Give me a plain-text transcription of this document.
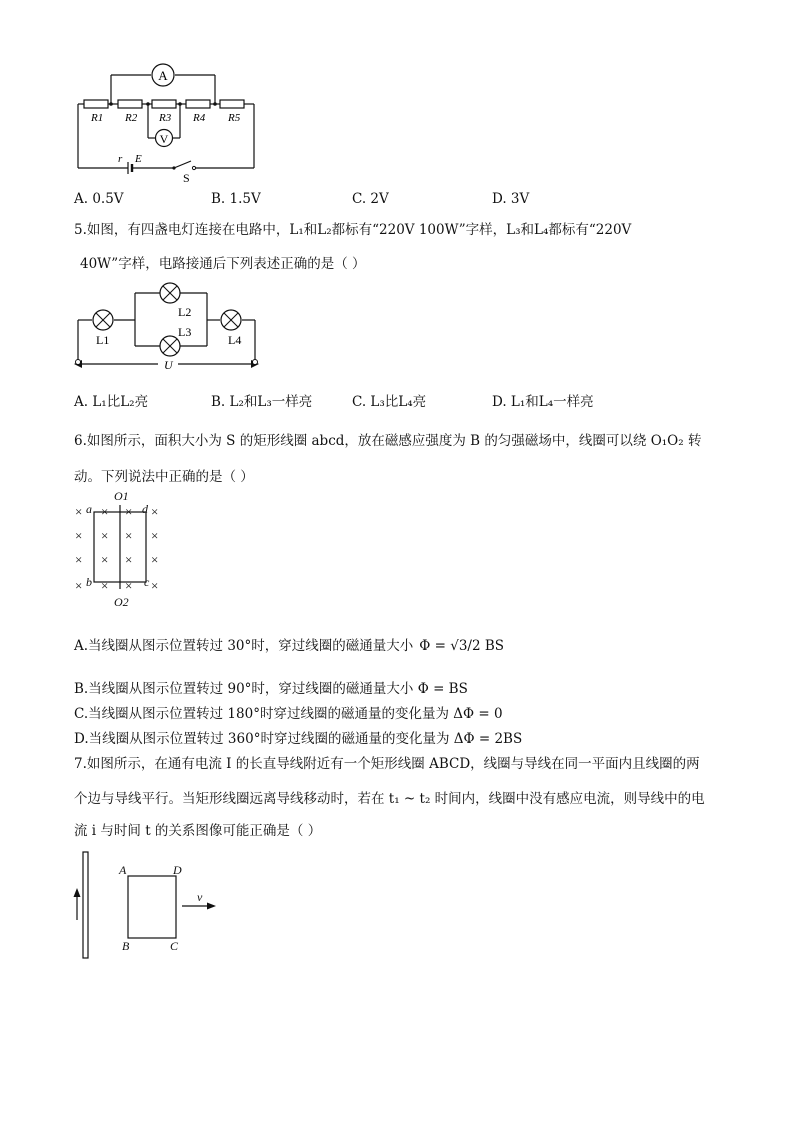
A
V
R1 R2 R3 R4 R5
r E
S
A. 0.5V	B. 1.5V	C. 2V	D. 3V
5.如图，有四盏电灯连接在电路中，L₁和L₂都标有“220V 100W”字样，L₃和L₄都标有“220V
40W”字样，电路接通后下列表述正确的是（ ）
L1
L2
L3
L4
U
A. L₁比L₂亮	B. L₂和L₃一样亮	C. L₃比L₄亮	D. L₁和L₄一样亮
6.如图所示，面积大小为 S 的矩形线圈 abcd，放在磁感应强度为 B 的匀强磁场中，线圈可以绕 O₁O₂ 转
动。下列说法中正确的是（ ）
×
×
×
×
×
×
×
×
×
×
×
×
×
×
×
×
a
b	c
d
O1
O2
A.当线圈从图示位置转过 30°时，穿过线圈的磁通量大小 Φ = √3/2 BS
B.当线圈从图示位置转过 90°时，穿过线圈的磁通量大小 Φ = BS
C.当线圈从图示位置转过 180°时穿过线圈的磁通量的变化量为 ΔΦ = 0
D.当线圈从图示位置转过 360°时穿过线圈的磁通量的变化量为 ΔΦ = 2BS
7.如图所示，在通有电流 I 的长直导线附近有一个矩形线圈 ABCD，线圈与导线在同一平面内且线圈的两
个边与导线平行。当矩形线圈远离导线移动时，若在 t₁ ~ t₂ 时间内，线圈中没有感应电流，则导线中的电
流 i 与时间 t 的关系图像可能正确是（ ）
A
B	C
D
v
